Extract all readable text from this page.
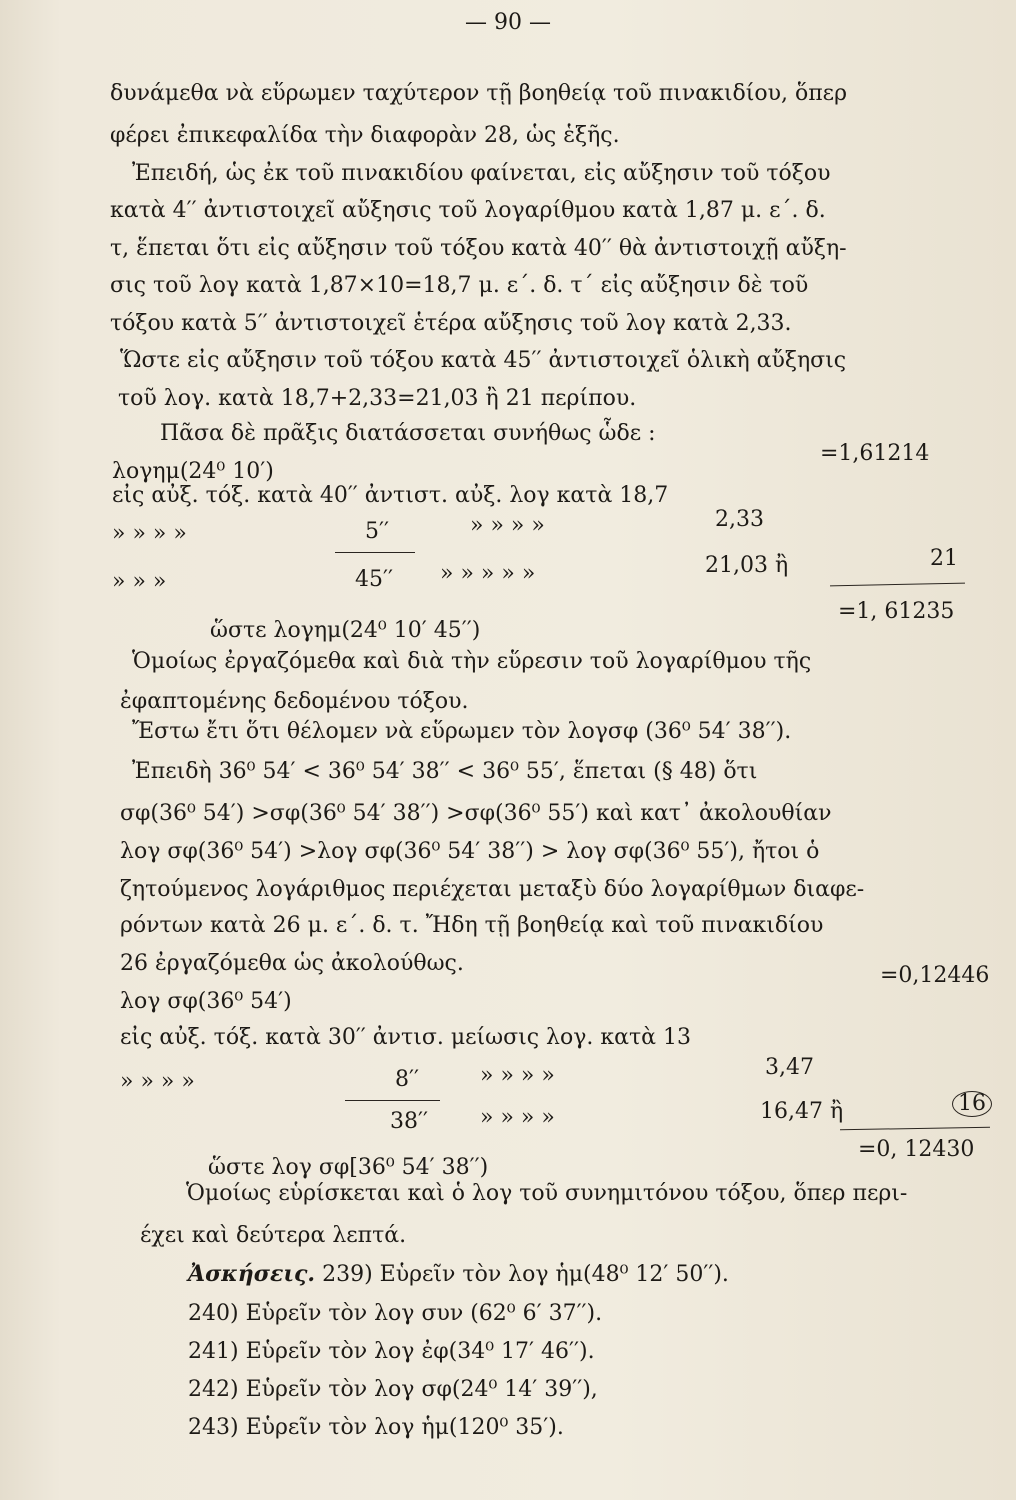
— 90 —
δυνάμεθα νὰ εὕρωμεν ταχύτερον τῇ βοηθείᾳ τοῦ πινακιδίου, ὅπερ
φέρει ἐπικεφαλίδα τὴν διαφορὰν 28, ὡς ἑξῆς.
Ἐπειδή, ὡς ἐκ τοῦ πινακιδίου φαίνεται, εἰς αὔξησιν τοῦ τόξου
κατὰ 4′′ ἀντιστοιχεῖ αὔξησις τοῦ λογαρίθμου κατὰ 1,87 μ. ε΄. δ.
τ, ἕπεται ὅτι εἰς αὔξησιν τοῦ τόξου κατὰ 40′′ θὰ ἀντιστοιχῇ αὔξη-
σις τοῦ λογ κατὰ 1,87×10=18,7 μ. ε΄. δ. τ΄ εἰς αὔξησιν δὲ τοῦ
τόξου κατὰ 5′′ ἀντιστοιχεῖ ἑτέρα αὔξησις τοῦ λογ κατὰ 2,33.
Ὥστε εἰς αὔξησιν τοῦ τόξου κατὰ 45′′ ἀντιστοιχεῖ ὁλικὴ αὔξησις
τοῦ λογ. κατὰ 18,7+2,33=21,03 ἢ 21 περίπου.
Πᾶσα δὲ πρᾶξις διατάσσεται συνήθως ὧδε :
=1,61214
λογημ(24⁰ 10′)
εἰς αὐξ. τόξ. κατὰ 40′′ ἀντιστ. αὐξ. λογ κατὰ 18,7
» » » »	5′′	» » » »	2,33
» » »	45′′ » » » » »	21,03 ἢ	21
=1, 61235
ὥστε λογημ(24⁰ 10′ 45′′)
Ὁμοίως ἐργαζόμεθα καὶ διὰ τὴν εὕρεσιν τοῦ λογαρίθμου τῆς
ἐφαπτομένης δεδομένου τόξου.
Ἔστω ἔτι ὅτι θέλομεν νὰ εὕρωμεν τὸν λογσφ (36⁰ 54′ 38′′).
Ἐπειδὴ 36⁰ 54′ < 36⁰ 54′ 38′′ < 36⁰ 55′, ἕπεται (§ 48) ὅτι
σφ(36⁰ 54′) >σφ(36⁰ 54′ 38′′) >σφ(36⁰ 55′) καὶ κατ᾽ ἀκολουθίαν
λογ σφ(36⁰ 54′) >λογ σφ(36⁰ 54′ 38′′) > λογ σφ(36⁰ 55′), ἤτοι ὁ
ζητούμενος λογάριθμος περιέχεται μεταξὺ δύο λογαρίθμων διαφε-
ρόντων κατὰ 26 μ. ε΄. δ. τ. Ἤδη τῇ βοηθείᾳ καὶ τοῦ πινακιδίου
26 ἐργαζόμεθα ὡς ἀκολούθως.	=0,12446
λογ σφ(36⁰ 54′)
εἰς αὐξ. τόξ. κατὰ 30′′ ἀντισ. μείωσις λογ. κατὰ 13
» » » »	8′′	» » » »	3,47
38′′ » » » »	16,47 ἢ	16
=0, 12430
ὥστε λογ σφ[36⁰ 54′ 38′′)
Ὁμοίως εὑρίσκεται καὶ ὁ λογ τοῦ συνημιτόνου τόξου, ὅπερ περι-
έχει καὶ δεύτερα λεπτά.
Ἀσκήσεις. 239) Εὑρεῖν τὸν λογ ἡμ(48⁰ 12′ 50′′).
240) Εὑρεῖν τὸν λογ συν (62⁰ 6′ 37′′).
241) Εὑρεῖν τὸν λογ ἐφ(34⁰ 17′ 46′′).
242) Εὑρεῖν τὸν λογ σφ(24⁰ 14′ 39′′),
243) Εὑρεῖν τὸν λογ ἡμ(120⁰ 35′).
